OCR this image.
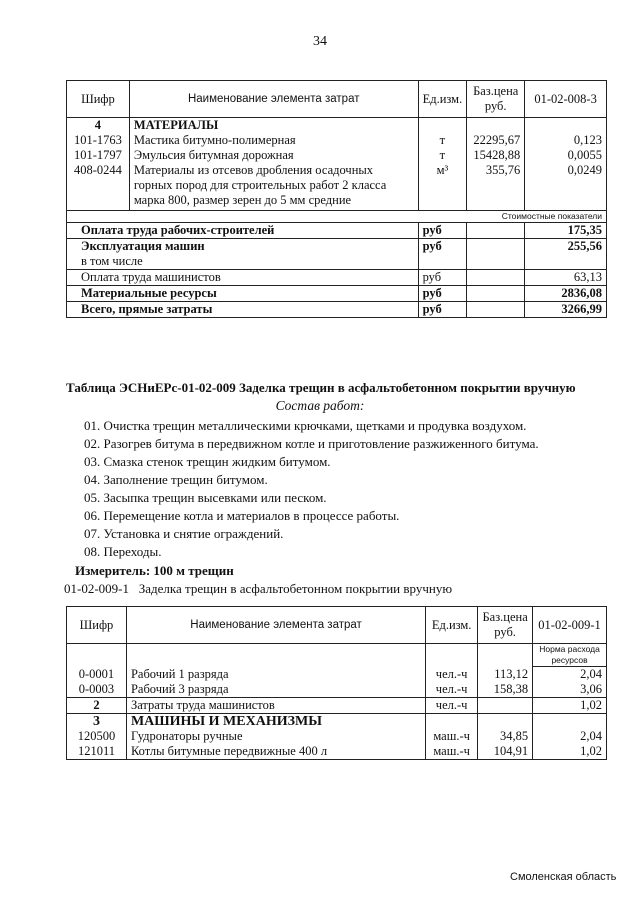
34
Шифр	Наименование элемента затрат	Ед.изм.	Баз.цена руб.	01-02-008-3
4	МАТЕРИАЛЫ			
101-1763	Мастика битумно-полимерная	т	22295,67	0,123
101-1797	Эмульсия битумная дорожная	т	15428,88	0,0055
408-0244	Материалы из отсевов дробления осадочных горных пород для строительных работ 2 класса марка 800, размер зерен до 5 мм средние	м³	355,76	0,0249
Стоимостные показатели				
Оплата труда рабочих-строителей		руб		175,35
Эксплуатация машин		руб		255,56
в том числе				
Оплата труда машинистов		руб		63,13
Материальные ресурсы		руб		2836,08
Всего, прямые затраты		руб		3266,99
Таблица ЭСНиЕРс-01-02-009 Заделка трещин в асфальтобетонном покрытии вручную
Состав работ:
01. Очистка трещин металлическими крючками, щетками и продувка воздухом.
02. Разогрев битума в передвижном котле и приготовление разжиженного битума.
03. Смазка стенок трещин жидким битумом.
04. Заполнение трещин битумом.
05. Засыпка трещин высевками или песком.
06. Перемещение котла и материалов в процессе работы.
07. Установка и снятие ограждений.
08. Переходы.
Измеритель: 100 м трещин
01-02-009-1   Заделка трещин в асфальтобетонном покрытии вручную
Шифр	Наименование элемента затрат	Ед.изм.	Баз.цена руб.	01-02-009-1
				Норма расхода ресурсов
0-0001	Рабочий 1 разряда	чел.-ч	113,12	2,04
0-0003	Рабочий 3 разряда	чел.-ч	158,38	3,06
2	Затраты труда машинистов	чел.-ч		1,02
3	МАШИНЫ И МЕХАНИЗМЫ			
120500	Гудронаторы ручные	маш.-ч	34,85	2,04
121011	Котлы битумные передвижные 400 л	маш.-ч	104,91	1,02
Смоленская область
